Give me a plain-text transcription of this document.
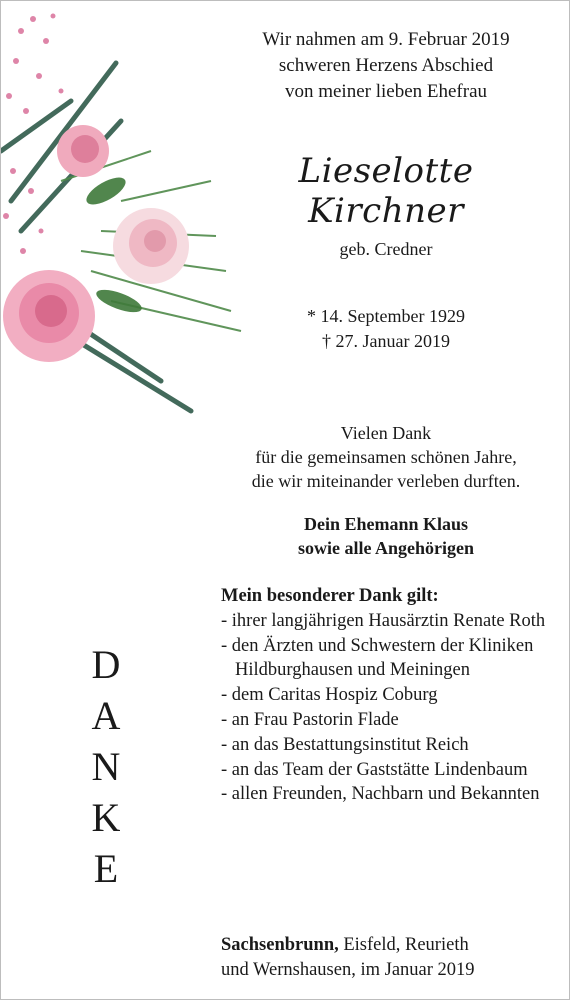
Wir nahmen am 9. Februar 2019
schweren Herzens Abschied
von meiner lieben Ehefrau
Lieselotte Kirchner
geb. Credner
* 14. September 1929
† 27. Januar 2019
Vielen Dank
für die gemeinsamen schönen Jahre,
die wir miteinander verleben durften.
Dein Ehemann Klaus
sowie alle Angehörigen
Mein besonderer Dank gilt:
- ihrer langjährigen Hausärztin Renate Roth
- den Ärzten und Schwestern der Kliniken Hildburghausen und Meiningen
- dem Caritas Hospiz Coburg
- an Frau Pastorin Flade
- an das Bestattungsinstitut Reich
- an das Team der Gaststätte Lindenbaum
- allen Freunden, Nachbarn und Bekannten
Sachsenbrunn, Eisfeld, Reurieth
und Wernshausen, im Januar 2019
D
A
N
K
E
